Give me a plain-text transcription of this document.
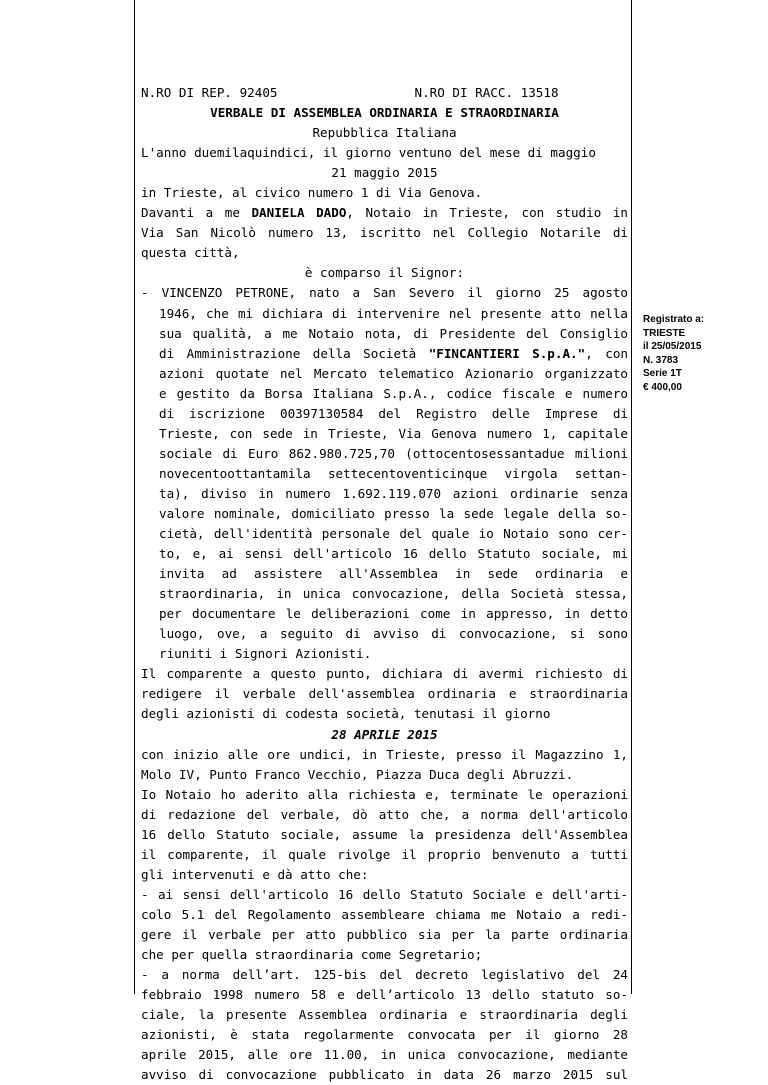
N.RO DI REP. 92405	N.RO DI RACC. 13518
VERBALE DI ASSEMBLEA ORDINARIA E STRAORDINARIA
Repubblica Italiana
L'anno duemilaquindici, il giorno ventuno del mese di maggio
21 maggio 2015
in Trieste, al civico numero 1 di Via Genova.
Davanti a me DANIELA DADO, Notaio in Trieste, con studio in
Via San Nicolò numero 13, iscritto nel Collegio Notarile di
questa città,
è comparso il Signor:
- VINCENZO PETRONE, nato a San Severo il giorno 25 agosto
1946, che mi dichiara di intervenire nel presente atto nella
sua qualità, a me Notaio nota, di Presidente del Consiglio
di Amministrazione della Società "FINCANTIERI S.p.A.", con
azioni quotate nel Mercato telematico Azionario organizzato
e gestito da Borsa Italiana S.p.A., codice fiscale e numero
di iscrizione 00397130584 del Registro delle Imprese di
Trieste, con sede in Trieste, Via Genova numero 1, capitale
sociale di Euro 862.980.725,70 (ottocentosessantadue milioni
novecentoottantamila settecentoventicinque virgola settan-
ta), diviso in numero 1.692.119.070 azioni ordinarie senza
valore nominale, domiciliato presso la sede legale della so-
cietà, dell'identità personale del quale io Notaio sono cer-
to, e, ai sensi dell'articolo 16 dello Statuto sociale, mi
invita ad assistere all'Assemblea in sede ordinaria e
straordinaria, in unica convocazione, della Società stessa,
per documentare le deliberazioni come in appresso, in detto
luogo, ove, a seguito di avviso di convocazione, si sono
riuniti i Signori Azionisti.
Il comparente a questo punto, dichiara di avermi richiesto di
redigere il verbale dell'assemblea ordinaria e straordinaria
degli azionisti di codesta società, tenutasi il giorno
28 APRILE 2015
con inizio alle ore undici, in Trieste, presso il Magazzino 1,
Molo IV, Punto Franco Vecchio, Piazza Duca degli Abruzzi.
Io Notaio ho aderito alla richiesta e, terminate le operazioni
di redazione del verbale, dò atto che, a norma dell'articolo
16 dello Statuto sociale, assume la presidenza dell'Assemblea
il comparente, il quale rivolge il proprio benvenuto a tutti
gli intervenuti e dà atto che:
- ai sensi dell'articolo 16 dello Statuto Sociale e dell'arti-
colo 5.1 del Regolamento assembleare chiama me Notaio a redi-
gere il verbale per atto pubblico sia per la parte ordinaria
che per quella straordinaria come Segretario;
- a norma dell’art. 125-bis del decreto legislativo del 24
febbraio 1998 numero 58 e dell’articolo 13 dello statuto so-
ciale, la presente Assemblea ordinaria e straordinaria degli
azionisti, è stata regolarmente convocata per il giorno 28
aprile 2015, alle ore 11.00, in unica convocazione, mediante
avviso di convocazione pubblicato in data 26 marzo 2015 sul
Registrato a:
TRIESTE
il 25/05/2015
N. 3783
Serie 1T
€ 400,00
